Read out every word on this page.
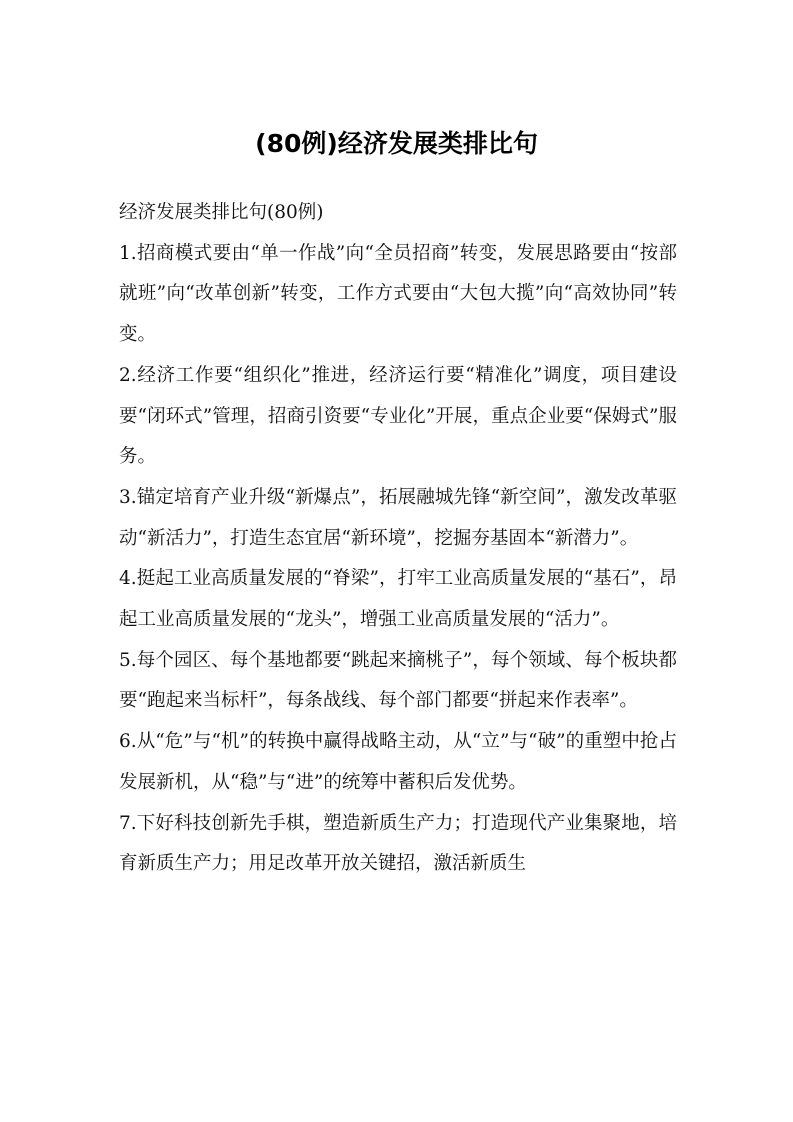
(80例)经济发展类排比句

经济发展类排比句(80例)

1.招商模式要由“单一作战”向“全员招商”转变，发展思路要由“按部就班”向“改革创新”转变，工作方式要由“大包大揽”向“高效协同”转变。

2.经济工作要“组织化”推进，经济运行要“精准化”调度，项目建设要“闭环式”管理，招商引资要“专业化”开展，重点企业要“保姆式”服务。

3.锚定培育产业升级“新爆点”，拓展融城先锋“新空间”，激发改革驱动“新活力”，打造生态宜居“新环境”，挖掘夯基固本“新潜力”。

4.挺起工业高质量发展的“脊梁”，打牢工业高质量发展的“基石”，昂起工业高质量发展的“龙头”，增强工业高质量发展的“活力”。

5.每个园区、每个基地都要“跳起来摘桃子”，每个领域、每个板块都要“跑起来当标杆”，每条战线、每个部门都要“拼起来作表率”。

6.从“危”与“机”的转换中赢得战略主动，从“立”与“破”的重塑中抢占发展新机，从“稳”与“进”的统筹中蓄积后发优势。

7.下好科技创新先手棋，塑造新质生产力；打造现代产业集聚地，培育新质生产力；用足改革开放关键招，激活新质生
